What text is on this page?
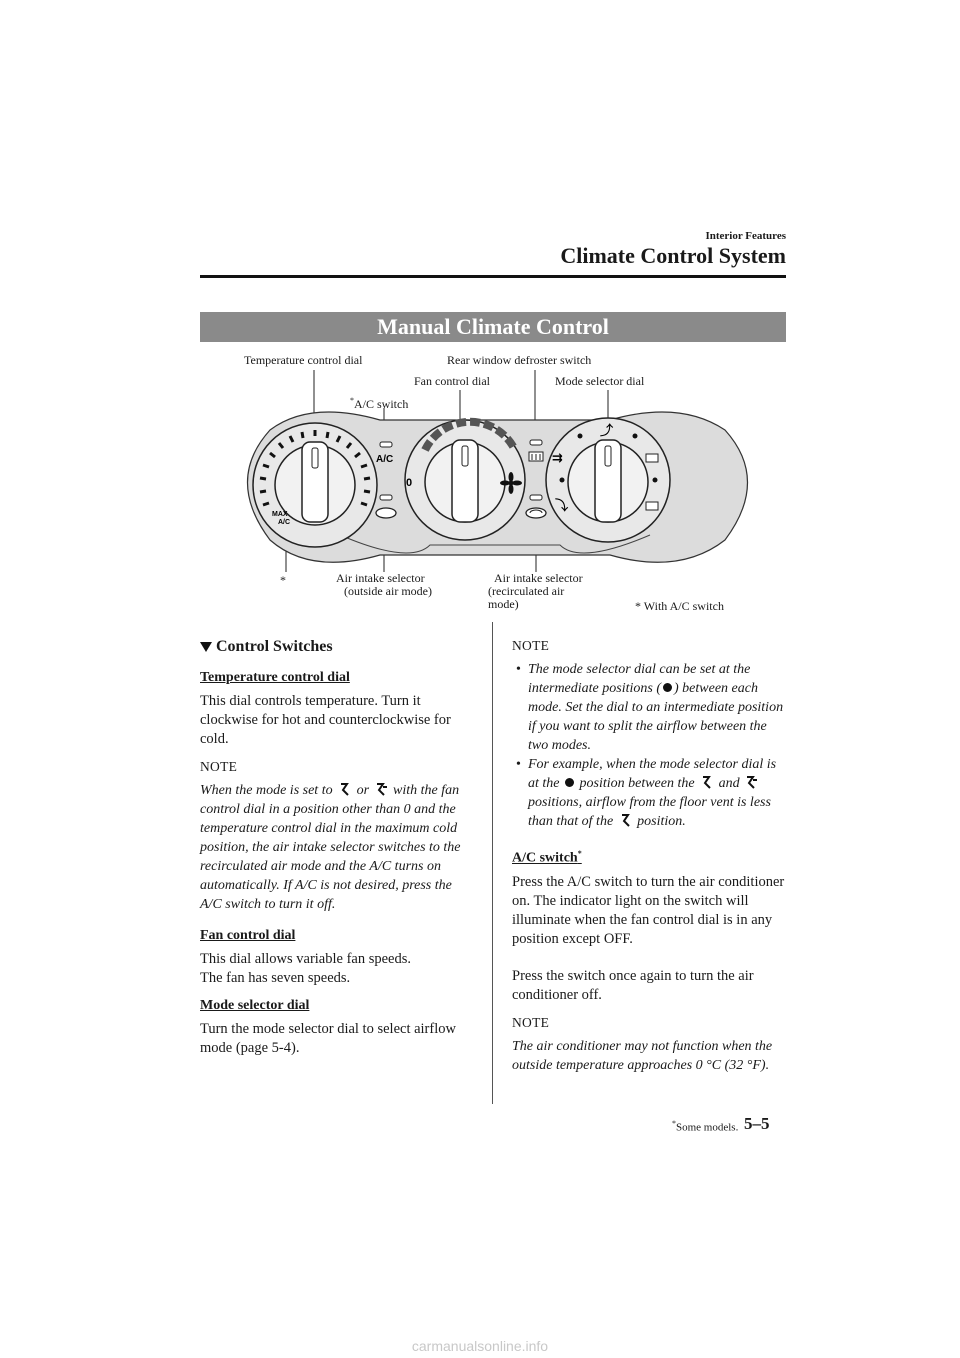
Interior Features
Climate Control System
Manual Climate Control
MAX
A/C
A/C
0
⤴
⇉
⤵
Temperature control dial	Rear window defroster switch
Fan control dial	Mode selector dial
*A/C switch
*	Air intake selector
(outside air mode)
Air intake selector
(recirculated air
mode)	* With A/C switch
Control Switches
Temperature control dial

This dial controls temperature. Turn it clockwise for hot and counterclockwise for cold.

NOTE

When the mode is set to or with the fan control dial in a position other than 0 and the temperature control dial in the maximum cold position, the air intake selector switches to the recirculated air mode and the A/C turns on automatically. If A/C is not desired, press the A/C switch to turn it off.

Fan control dial

This dial allows variable fan speeds.

The fan has seven speeds.

Mode selector dial

Turn the mode selector dial to select airflow mode (page 5-4).

NOTE
• The mode selector dial can be set at the intermediate positions ( ) between each mode. Set the dial to an intermediate position if you want to split the airflow between the two modes.
• For example, when the mode selector dial is at the position between the and  positions, airflow from the floor vent is less than that of the position.
A/C switch*

Press the A/C switch to turn the air conditioner on. The indicator light on the switch will illuminate when the fan control dial is in any position except OFF.

Press the switch once again to turn the air conditioner off.

NOTE

The air conditioner may not function when the outside temperature approaches 0 °C (32 °F).

*Some models. 5–5
carmanualsonline.info
